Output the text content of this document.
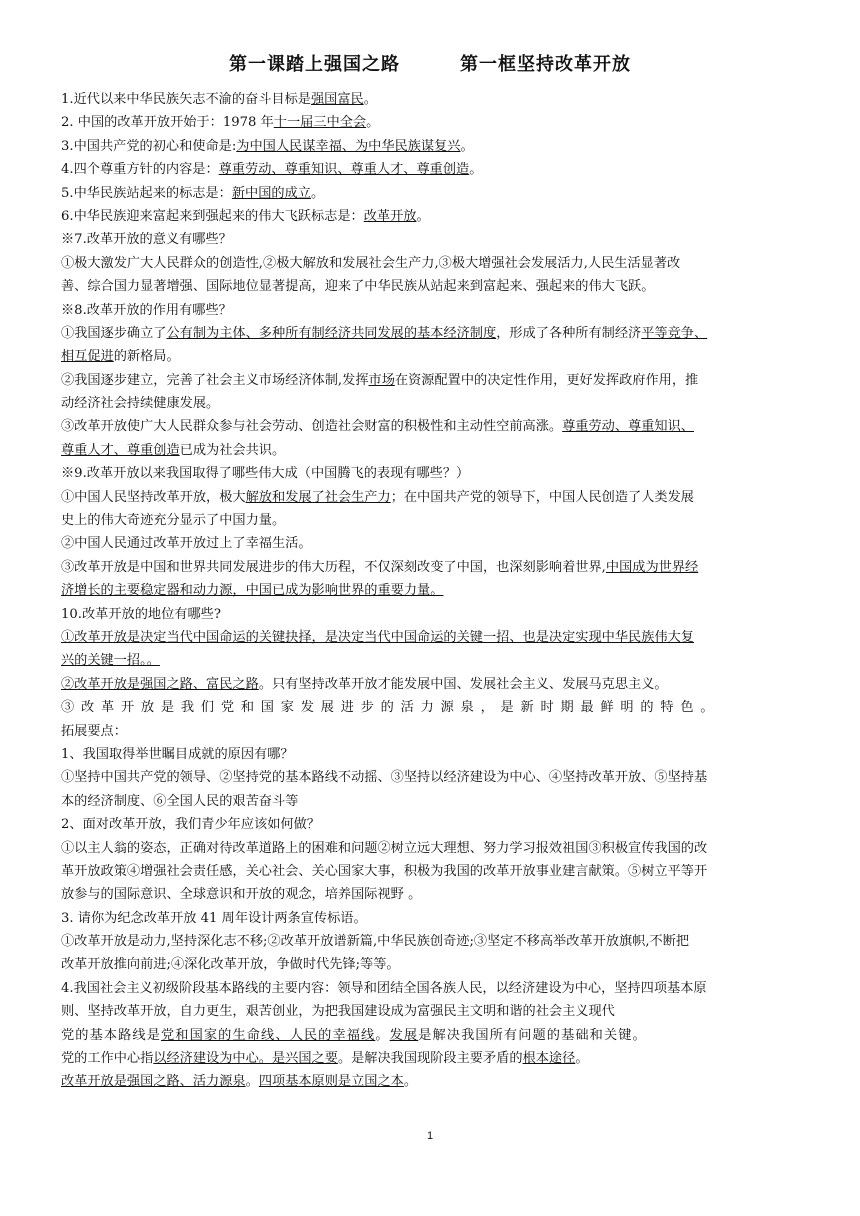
第一课踏上强国之路	第一框坚持改革开放
1.近代以来中华民族矢志不渝的奋斗目标是强国富民。
2. 中国的改革开放开始于：1978 年十一届三中全会。
3.中国共产党的初心和使命是:为中国人民谋幸福、为中华民族谋复兴。
4.四个尊重方针的内容是：尊重劳动、尊重知识、尊重人才、尊重创造。
5.中华民族站起来的标志是：新中国的成立。
6.中华民族迎来富起来到强起来的伟大飞跃标志是：改革开放。
※7.改革开放的意义有哪些？
①极大激发广大人民群众的创造性,②极大解放和发展社会生产力,③极大增强社会发展活力,人民生活显著改
善、综合国力显著增强、国际地位显著提高，迎来了中华民族从站起来到富起来、强起来的伟大飞跃。
※8.改革开放的作用有哪些？
①我国逐步确立了公有制为主体、多种所有制经济共同发展的基本经济制度，形成了各种所有制经济平等竞争、
相互促进的新格局。
②我国逐步建立，完善了社会主义市场经济体制,发挥市场在资源配置中的决定性作用，更好发挥政府作用，推
动经济社会持续健康发展。
③改革开放使广大人民群众参与社会劳动、创造社会财富的积极性和主动性空前高涨。尊重劳动、尊重知识、
尊重人才、尊重创造已成为社会共识。
※9.改革开放以来我国取得了哪些伟大成（中国腾飞的表现有哪些？）
①中国人民坚持改革开放，极大解放和发展了社会生产力；在中国共产党的领导下，中国人民创造了人类发展
史上的伟大奇迹充分显示了中国力量。
②中国人民通过改革开放过上了幸福生活。
③改革开放是中国和世界共同发展进步的伟大历程，不仅深刻改变了中国，也深刻影响着世界,中国成为世界经
济增长的主要稳定器和动力源，中国已成为影响世界的重要力量。
10.改革开放的地位有哪些?
①改革开放是决定当代中国命运的关键抉择，是决定当代中国命运的关键一招、也是决定实现中华民族伟大复
兴的关键一招。。
②改革开放是强国之路、富民之路。只有坚持改革开放才能发展中国、发展社会主义、发展马克思主义。
③ 改 革 开 放 是 我 们 党 和 国 家 发 展 进 步 的 活 力 源 泉 ， 是 新 时 期 最 鲜 明 的 特 色 。
拓展要点：
1、我国取得举世瞩目成就的原因有哪？
①坚持中国共产党的领导、②坚持党的基本路线不动摇、③坚持以经济建设为中心、④坚持改革开放、⑤坚持基
本的经济制度、⑥全国人民的艰苦奋斗等
2、面对改革开放，我们青少年应该如何做？
①以主人翁的姿态，正确对待改革道路上的困难和问题②树立远大理想、努力学习报效祖国③积极宣传我国的改
革开放政策④增强社会责任感，关心社会、关心国家大事，积极为我国的改革开放事业建言献策。⑤树立平等开
放参与的国际意识、全球意识和开放的观念，培养国际视野 。
3. 请你为纪念改革开放 41 周年设计两条宣传标语。
①改革开放是动力,坚持深化志不移;②改革开放谱新篇,中华民族创奇迹;③坚定不移高举改革开放旗帜,不断把
改革开放推向前进;④深化改革开放，争做时代先锋;等等。
4.我国社会主义初级阶段基本路线的主要内容：领导和团结全国各族人民，以经济建设为中心，坚持四项基本原
则、坚持改革开放，自力更生，艰苦创业，为把我国建设成为富强民主文明和谐的社会主义现代
党的基本路线是党和国家的生命线、人民的幸福线。发展是解决我国所有问题的基础和关键。
党的工作中心指以经济建设为中心。是兴国之要。是解决我国现阶段主要矛盾的根本途径。
改革开放是强国之路、活力源泉。四项基本原则是立国之本。
1
